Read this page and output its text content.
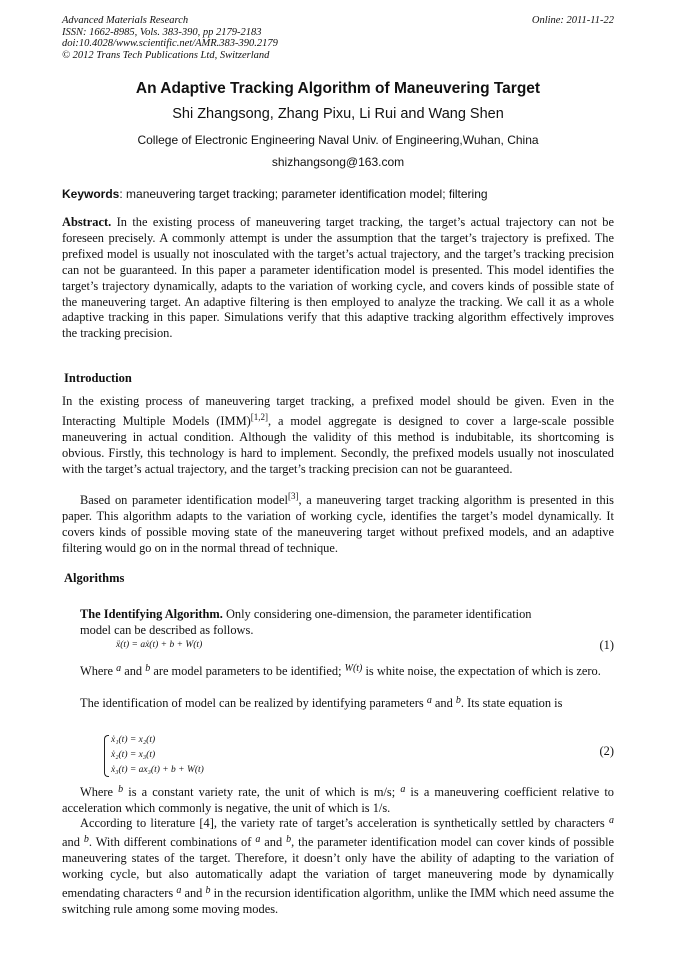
Advanced Materials Research
ISSN: 1662-8985, Vols. 383-390, pp 2179-2183
doi:10.4028/www.scientific.net/AMR.383-390.2179
© 2012 Trans Tech Publications Ltd, Switzerland
Online: 2011-11-22
An Adaptive Tracking Algorithm of Maneuvering Target
Shi Zhangsong, Zhang Pixu, Li Rui and Wang Shen
College of Electronic Engineering Naval Univ. of Engineering,Wuhan, China
shizhangsong@163.com
Keywords: maneuvering target tracking; parameter identification model; filtering
Abstract. In the existing process of maneuvering target tracking, the target’s actual trajectory can not be foreseen precisely. A commonly attempt is under the assumption that the target’s trajectory is prefixed. The prefixed model is usually not inosculated with the target’s actual trajectory, and the target’s tracking precision can not be guaranteed. In this paper a parameter identification model is presented. This model identifies the target’s trajectory dynamically, adapts to the variation of working cycle, and covers kinds of possible state of the maneuvering target. An adaptive filtering is then employed to analyze the tracking. We call it as a whole adaptive tracking in this paper. Simulations verify that this adaptive tracking algorithm effectively improves the tracking precision.
Introduction
In the existing process of maneuvering target tracking, a prefixed model should be given. Even in the Interacting Multiple Models (IMM)[1,2], a model aggregate is designed to cover a large-scale possible maneuvering in actual condition. Although the validity of this method is indubitable, its shortcoming is obvious. Firstly, this technology is hard to implement. Secondly, the prefixed models usually not inosculated with the target’s actual trajectory, and the target’s tracking precision can not be guaranteed.
Based on parameter identification model[3], a maneuvering target tracking algorithm is presented in this paper. This algorithm adapts to the variation of working cycle, identifies the target’s model dynamically. It covers kinds of possible moving state of the maneuvering target without prefixed models, and an adaptive filtering would go on in the normal thread of technique.
Algorithms
The Identifying Algorithm. Only considering one-dimension, the parameter identification
model can be described as follows.
ẍ(t) = aẋ(t) + b + W(t)	(1)
Where $^a$ and $^b$ are model parameters to be identified; $^{W(t)}$ is white noise, the expectation of which is zero.
The identification of model can be realized by identifying parameters $^a$ and $^b$. Its state equation is
ẋ₁(t) = x₂(t)
ẋ₂(t) = x₃(t)
ẋ₃(t) = ax₃(t) + b + W(t)
(2)
Where $^b$ is a constant variety rate, the unit of which is m/s; $^a$ is a maneuvering coefficient relative to acceleration which commonly is negative, the unit of which is 1/s.
According to literature [4], the variety rate of target’s acceleration is synthetically settled by characters $^a$ and $^b$. With different combinations of $^a$ and $^b$, the parameter identification model can cover kinds of possible maneuvering states of the target. Therefore, it doesn’t only have the ability of adapting to the variation of working cycle, but also automatically adapt the variation of target maneuvering mode by dynamically emendating characters $^a$ and $^b$ in the recursion identification algorithm, unlike the IMM which need assume the switching rule among some moving modes.
